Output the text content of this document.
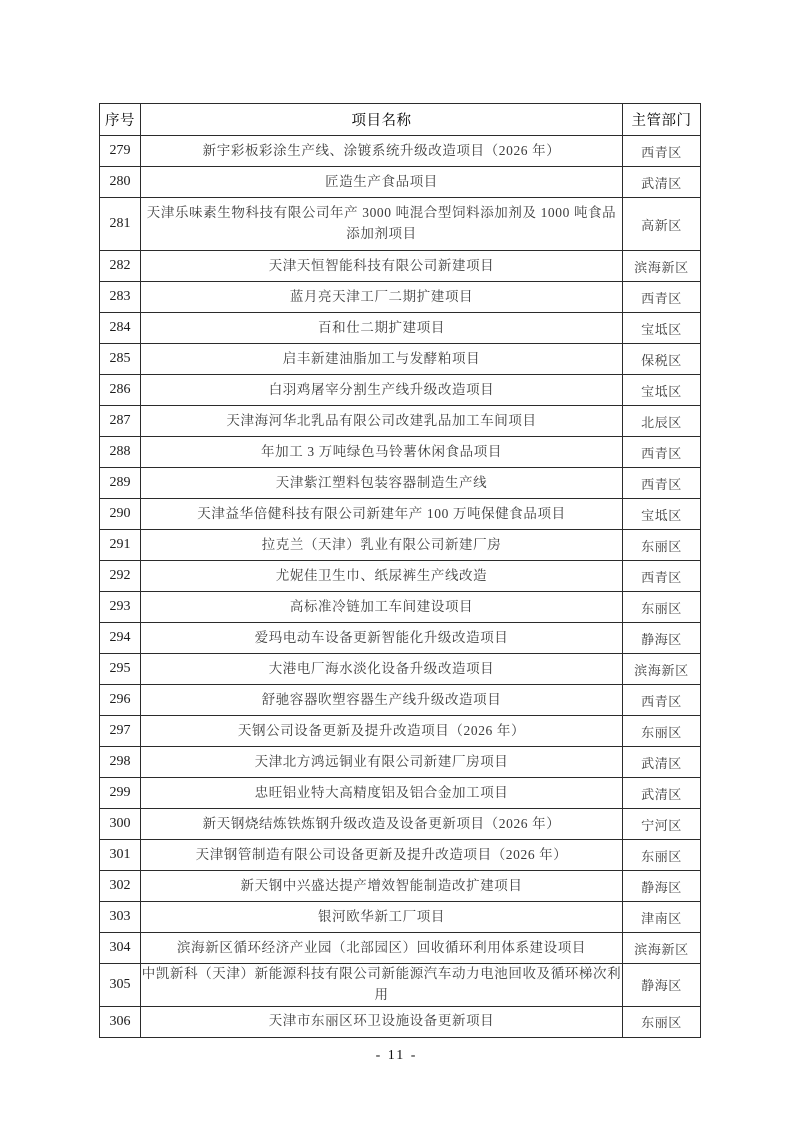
序号	项目名称	主管部门
279	新宇彩板彩涂生产线、涂镀系统升级改造项目（2026 年）	西青区
280	匠造生产食品项目	武清区
281	天津乐味素生物科技有限公司年产 3000 吨混合型饲料添加剂及 1000 吨食品添加剂项目	高新区
282	天津天恒智能科技有限公司新建项目	滨海新区
283	蓝月亮天津工厂二期扩建项目	西青区
284	百和仕二期扩建项目	宝坻区
285	启丰新建油脂加工与发酵粕项目	保税区
286	白羽鸡屠宰分割生产线升级改造项目	宝坻区
287	天津海河华北乳品有限公司改建乳品加工车间项目	北辰区
288	年加工 3 万吨绿色马铃薯休闲食品项目	西青区
289	天津紫江塑料包装容器制造生产线	西青区
290	天津益华倍健科技有限公司新建年产 100 万吨保健食品项目	宝坻区
291	拉克兰（天津）乳业有限公司新建厂房	东丽区
292	尤妮佳卫生巾、纸尿裤生产线改造	西青区
293	高标准冷链加工车间建设项目	东丽区
294	爱玛电动车设备更新智能化升级改造项目	静海区
295	大港电厂海水淡化设备升级改造项目	滨海新区
296	舒驰容器吹塑容器生产线升级改造项目	西青区
297	天钢公司设备更新及提升改造项目（2026 年）	东丽区
298	天津北方鸿远铜业有限公司新建厂房项目	武清区
299	忠旺铝业特大高精度铝及铝合金加工项目	武清区
300	新天钢烧结炼铁炼钢升级改造及设备更新项目（2026 年）	宁河区
301	天津钢管制造有限公司设备更新及提升改造项目（2026 年）	东丽区
302	新天钢中兴盛达提产增效智能制造改扩建项目	静海区
303	银河欧华新工厂项目	津南区
304	滨海新区循环经济产业园（北部园区）回收循环利用体系建设项目	滨海新区
305	中凯新科（天津）新能源科技有限公司新能源汽车动力电池回收及循环梯次利用	静海区
306	天津市东丽区环卫设施设备更新项目	东丽区
- 11 -
